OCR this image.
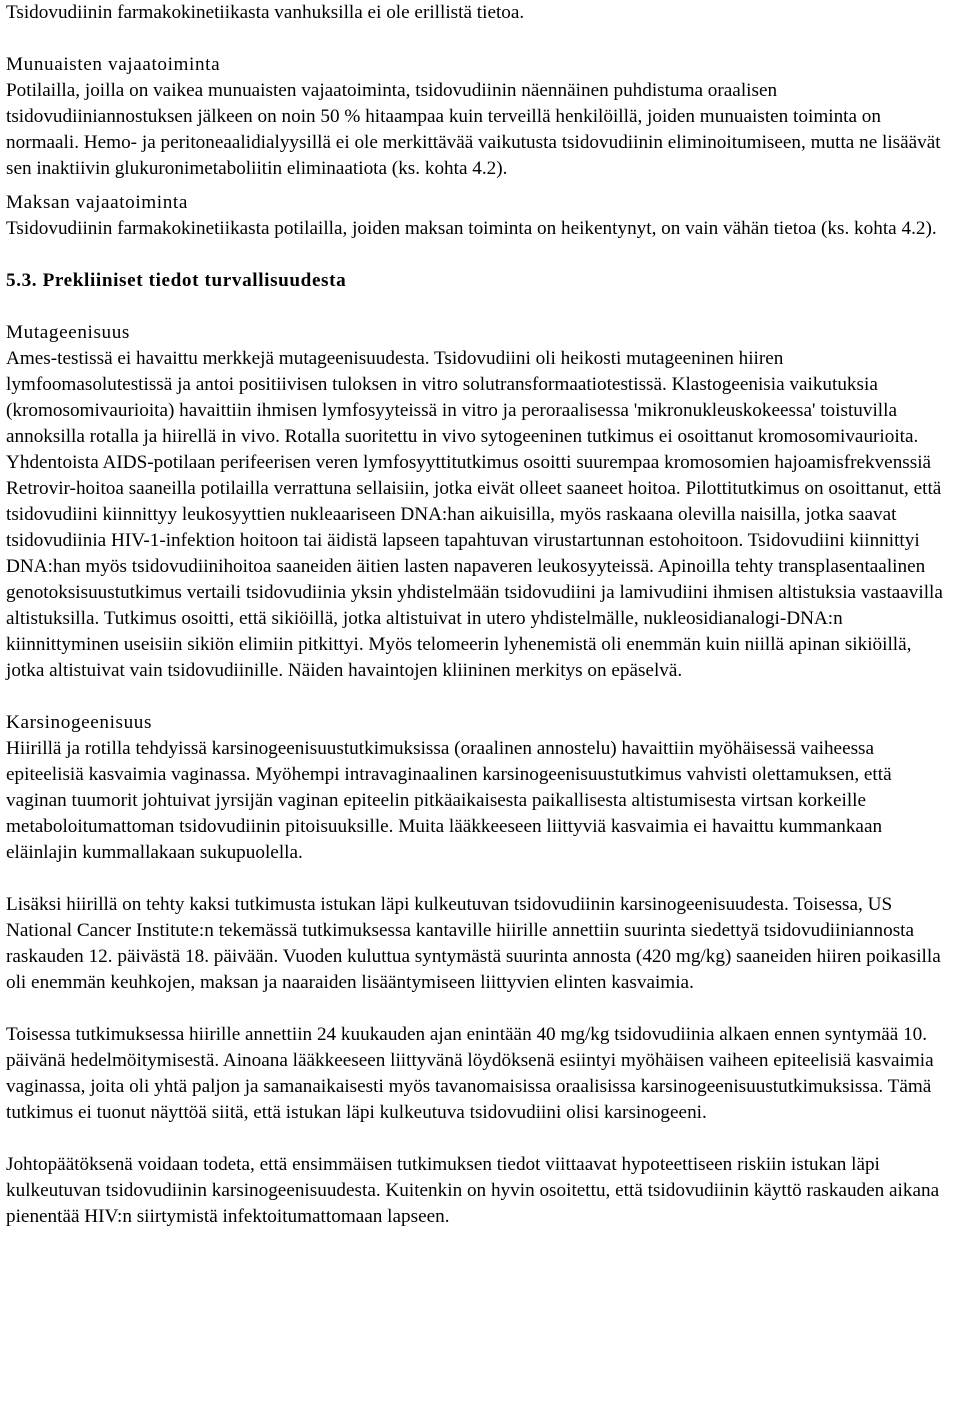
Tsidovudiinin farmakokinetiikasta vanhuksilla ei ole erillistä tietoa.

Munuaisten vajaatoiminta

Potilailla, joilla on vaikea munuaisten vajaatoiminta, tsidovudiinin näennäinen puhdistuma oraalisen tsidovudiiniannostuksen jälkeen on noin 50 % hitaampaa kuin terveillä henkilöillä, joiden munuaisten toiminta on normaali. Hemo- ja peritoneaalidialyysillä ei ole merkittävää vaikutusta tsidovudiinin eliminoitumiseen, mutta ne lisäävät sen inaktiivin glukuronimetaboliitin eliminaatiota (ks. kohta 4.2).

Maksan vajaatoiminta

Tsidovudiinin farmakokinetiikasta potilailla, joiden maksan toiminta on heikentynyt, on vain vähän tietoa (ks. kohta 4.2).

5.3. Prekliiniset tiedot turvallisuudesta

Mutageenisuus

Ames-testissä ei havaittu merkkejä mutageenisuudesta. Tsidovudiini oli heikosti mutageeninen hiiren lymfoomasolutestissä ja antoi positiivisen tuloksen in vitro solutransformaatiotestissä. Klastogeenisia vaikutuksia (kromosomivaurioita) havaittiin ihmisen lymfosyyteissä in vitro ja peroraalisessa 'mikronukleuskokeessa' toistuvilla annoksilla rotalla ja hiirellä in vivo. Rotalla suoritettu in vivo sytogeeninen tutkimus ei osoittanut kromosomivaurioita. Yhdentoista AIDS-potilaan perifeerisen veren lymfosyyttitutkimus osoitti suurempaa kromosomien hajoamisfrekvenssiä Retrovir-hoitoa saaneilla potilailla verrattuna sellaisiin, jotka eivät olleet saaneet hoitoa. Pilottitutkimus on osoittanut, että tsidovudiini kiinnittyy leukosyyttien nukleaariseen DNA:han aikuisilla, myös raskaana olevilla naisilla, jotka saavat tsidovudiinia HIV-1-infektion hoitoon tai äidistä lapseen tapahtuvan virustartunnan estohoitoon. Tsidovudiini kiinnittyi DNA:han myös tsidovudiinihoitoa saaneiden äitien lasten napaveren leukosyyteissä. Apinoilla tehty transplasentaalinen genotoksisuustutkimus vertaili tsidovudiinia yksin yhdistelmään tsidovudiini ja lamivudiini ihmisen altistuksia vastaavilla altistuksilla. Tutkimus osoitti, että sikiöillä, jotka altistuivat in utero yhdistelmälle, nukleosidianalogi-DNA:n kiinnittyminen useisiin sikiön elimiin pitkittyi. Myös telomeerin lyhenemistä oli enemmän kuin niillä apinan sikiöillä, jotka altistuivat vain tsidovudiinille. Näiden havaintojen kliininen merkitys on epäselvä.

Karsinogeenisuus

Hiirillä ja rotilla tehdyissä karsinogeenisuustutkimuksissa (oraalinen annostelu) havaittiin myöhäisessä vaiheessa epiteelisiä kasvaimia vaginassa. Myöhempi intravaginaalinen karsinogeenisuustutkimus vahvisti olettamuksen, että vaginan tuumorit johtuivat jyrsijän vaginan epiteelin pitkäaikaisesta paikallisesta altistumisesta virtsan korkeille metaboloitumattoman tsidovudiinin pitoisuuksille. Muita lääkkeeseen liittyviä kasvaimia ei havaittu kummankaan eläinlajin kummallakaan sukupuolella.

Lisäksi hiirillä on tehty kaksi tutkimusta istukan läpi kulkeutuvan tsidovudiinin karsinogeenisuudesta. Toisessa, US National Cancer Institute:n tekemässä tutkimuksessa kantaville hiirille annettiin suurinta siedettyä tsidovudiiniannosta raskauden 12. päivästä 18. päivään. Vuoden kuluttua syntymästä suurinta annosta (420 mg/kg) saaneiden hiiren poikasilla oli enemmän keuhkojen, maksan ja naaraiden lisääntymiseen liittyvien elinten kasvaimia.

Toisessa tutkimuksessa hiirille annettiin 24 kuukauden ajan enintään 40 mg/kg tsidovudiinia alkaen ennen syntymää 10. päivänä hedelmöitymisestä. Ainoana lääkkeeseen liittyvänä löydöksenä esiintyi myöhäisen vaiheen epiteelisiä kasvaimia vaginassa, joita oli yhtä paljon ja samanaikaisesti myös tavanomaisissa oraalisissa karsinogeenisuustutkimuksissa. Tämä tutkimus ei tuonut näyttöä siitä, että istukan läpi kulkeutuva tsidovudiini olisi karsinogeeni.

Johtopäätöksenä voidaan todeta, että ensimmäisen tutkimuksen tiedot viittaavat hypoteettiseen riskiin istukan läpi kulkeutuvan tsidovudiinin karsinogeenisuudesta. Kuitenkin on hyvin osoitettu, että tsidovudiinin käyttö raskauden aikana pienentää HIV:n siirtymistä infektoitumattomaan lapseen.
